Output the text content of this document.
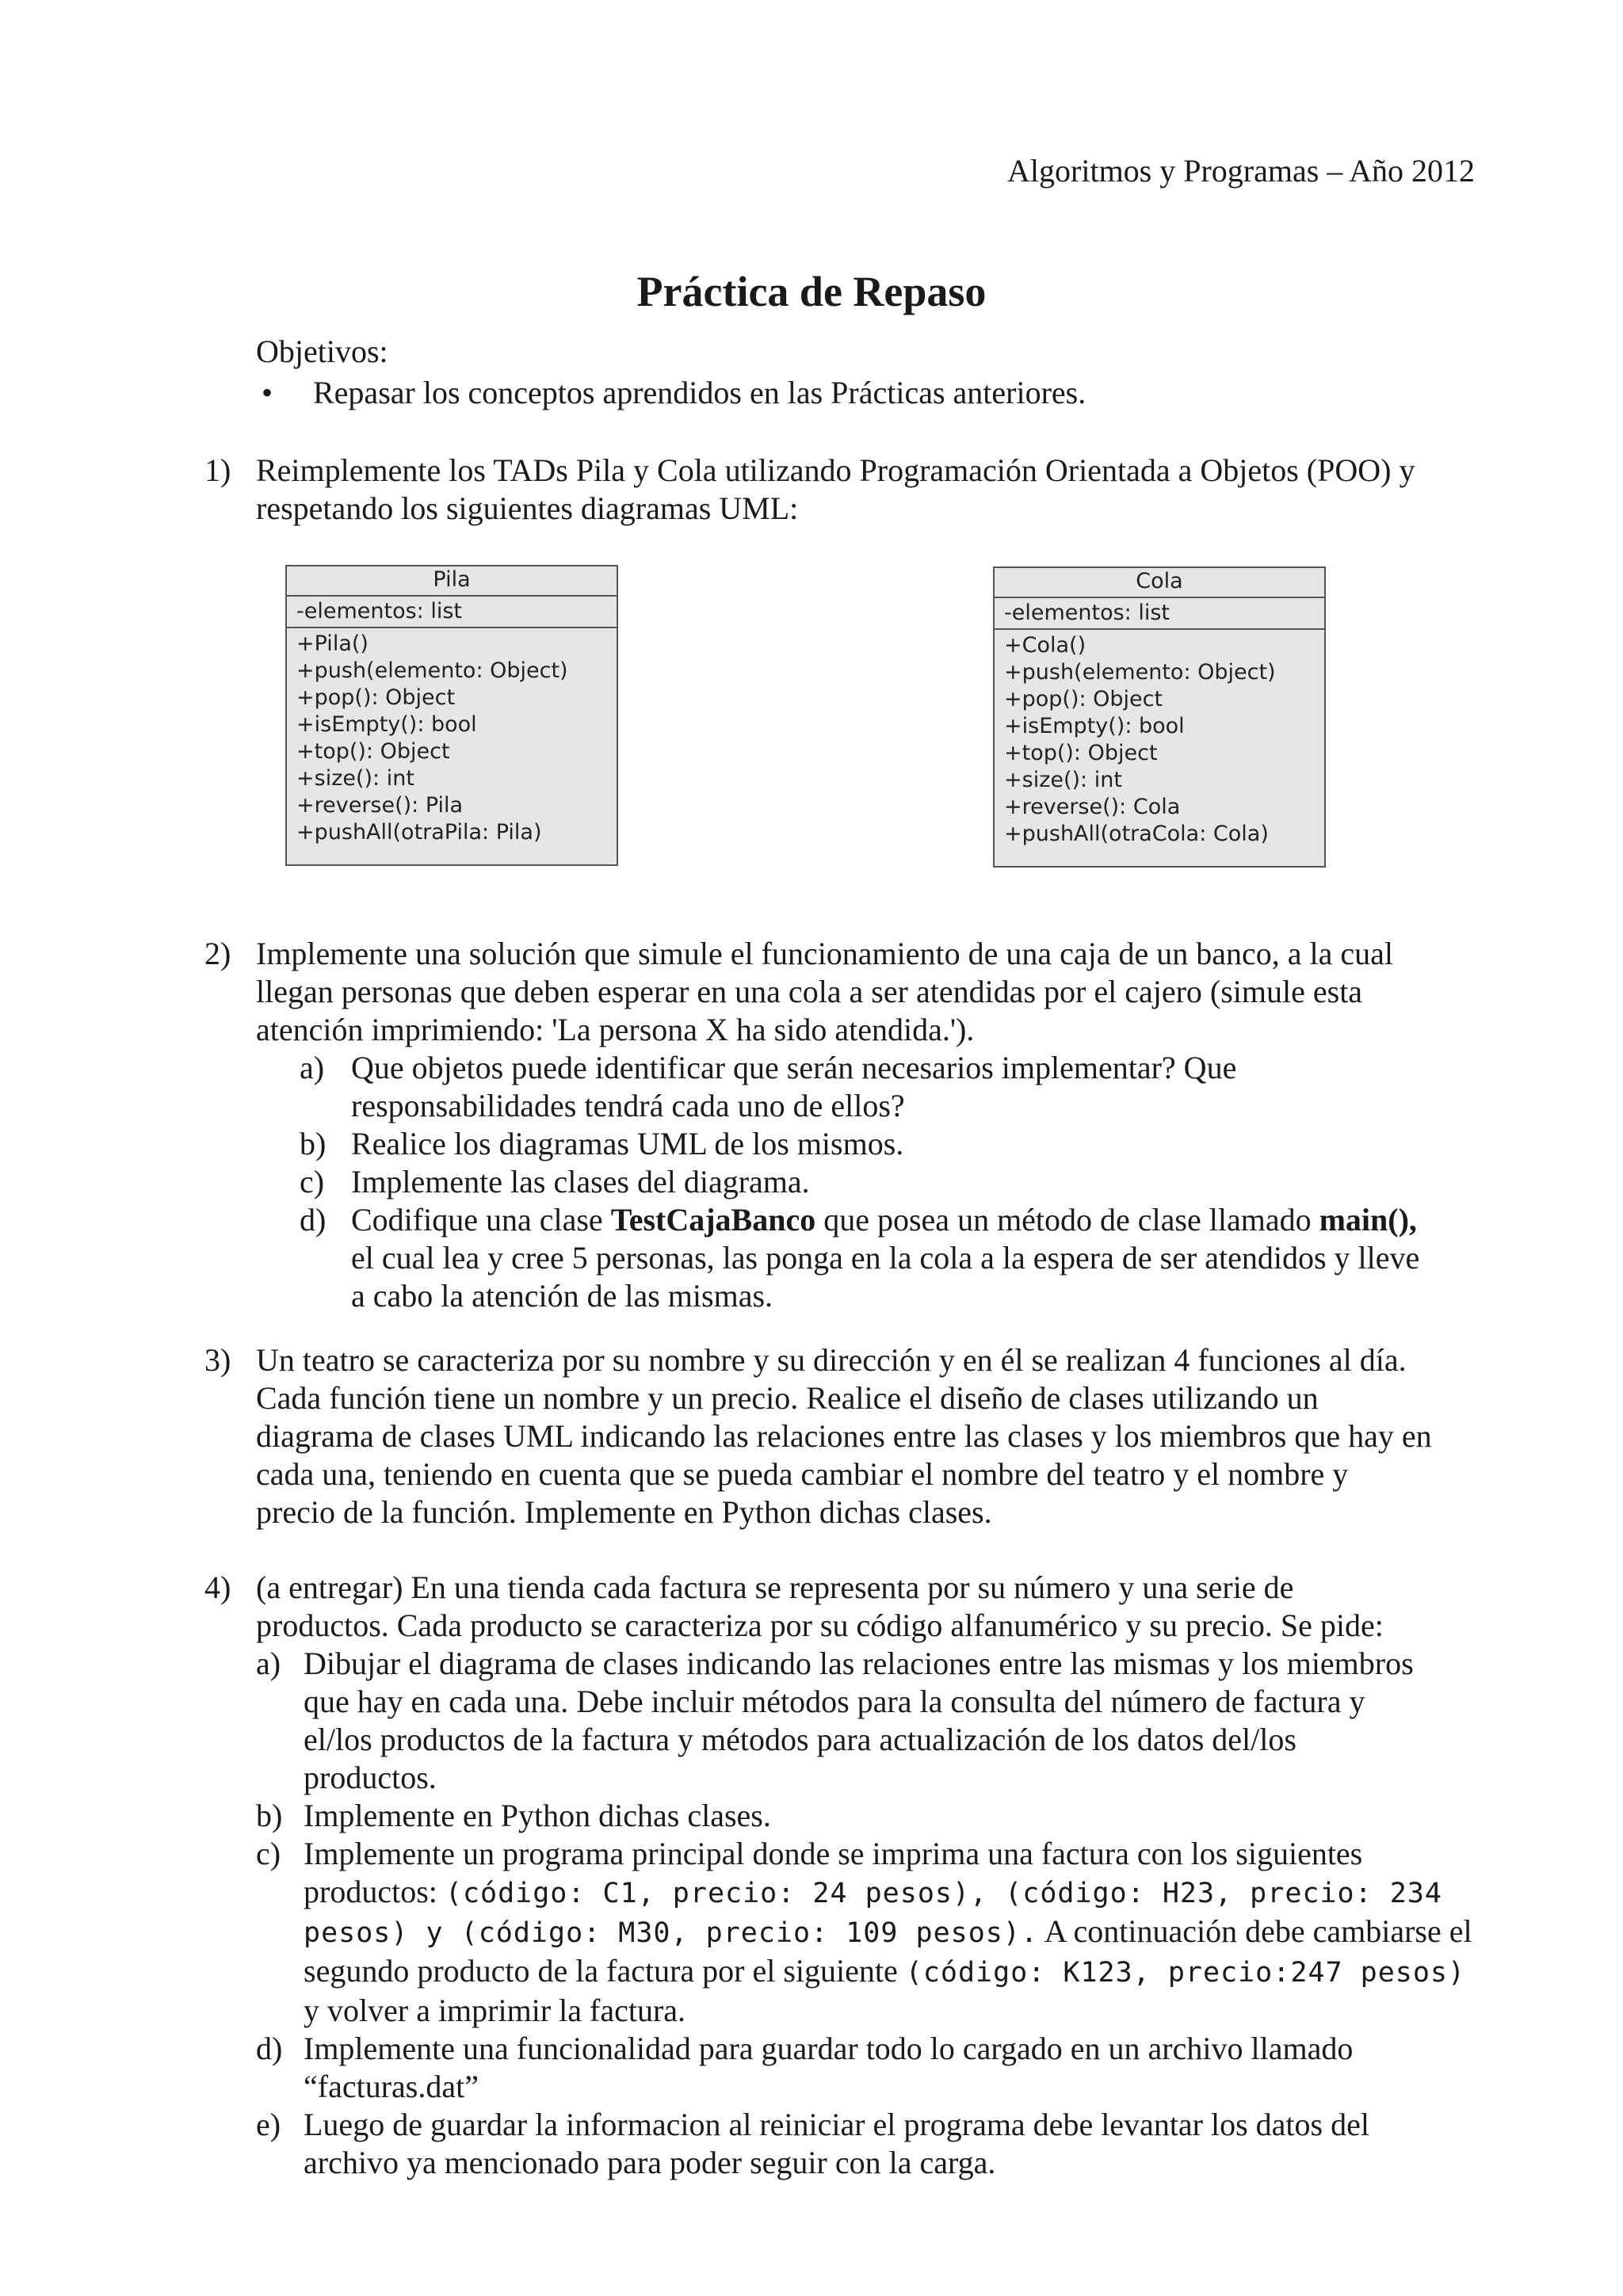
Algoritmos y Programas – Año 2012
Práctica de Repaso
Objetivos:
• Repasar los conceptos aprendidos en las Prácticas anteriores.
1) Reimplemente los TADs Pila y Cola utilizando Programación Orientada a Objetos (POO) y

respetando los siguientes diagramas UML:

Pila
-elementos: list
+Pila()
+push(elemento: Object)
+pop(): Object
+isEmpty(): bool
+top(): Object
+size(): int
+reverse(): Pila
+pushAll(otraPila: Pila)
Cola
-elementos: list
+Cola()
+push(elemento: Object)
+pop(): Object
+isEmpty(): bool
+top(): Object
+size(): int
+reverse(): Cola
+pushAll(otraCola: Cola)
2) Implemente una solución que simule el funcionamiento de una caja de un banco, a la cual

llegan personas que deben esperar en una cola a ser atendidas por el cajero (simule esta

atención imprimiendo: 'La persona X ha sido atendida.').

a) Que objetos puede identificar que serán necesarios implementar? Que

responsabilidades tendrá cada uno de ellos?

b) Realice los diagramas UML de los mismos.

c) Implemente las clases del diagrama.

d) Codifique una clase TestCajaBanco que posea un método de clase llamado main(),

el cual lea y cree 5 personas, las ponga en la cola a la espera de ser atendidos y lleve

a cabo la atención de las mismas.

3) Un teatro se caracteriza por su nombre y su dirección y en él se realizan 4 funciones al día.

Cada función tiene un nombre y un precio. Realice el diseño de clases utilizando un

diagrama de clases UML indicando las relaciones entre las clases y los miembros que hay en

cada una, teniendo en cuenta que se pueda cambiar el nombre del teatro y el nombre y

precio de la función. Implemente en Python dichas clases.

4) (a entregar) En una tienda cada factura se representa por su número y una serie de

productos. Cada producto se caracteriza por su código alfanumérico y su precio. Se pide:

a) Dibujar el diagrama de clases indicando las relaciones entre las mismas y los miembros

que hay en cada una. Debe incluir métodos para la consulta del número de factura y

el/los productos de la factura y métodos para actualización de los datos del/los

productos.

b) Implemente en Python dichas clases.

c) Implemente un programa principal donde se imprima una factura con los siguientes

productos: (código: C1, precio: 24 pesos), (código: H23, precio: 234

pesos) y (código: M30, precio: 109 pesos). A continuación debe cambiarse el

segundo producto de la factura por el siguiente (código: K123, precio:247 pesos)

y volver a imprimir la factura.

d) Implemente una funcionalidad para guardar todo lo cargado en un archivo llamado

“facturas.dat”

e) Luego de guardar la informacion al reiniciar el programa debe levantar los datos del

archivo ya mencionado para poder seguir con la carga.
